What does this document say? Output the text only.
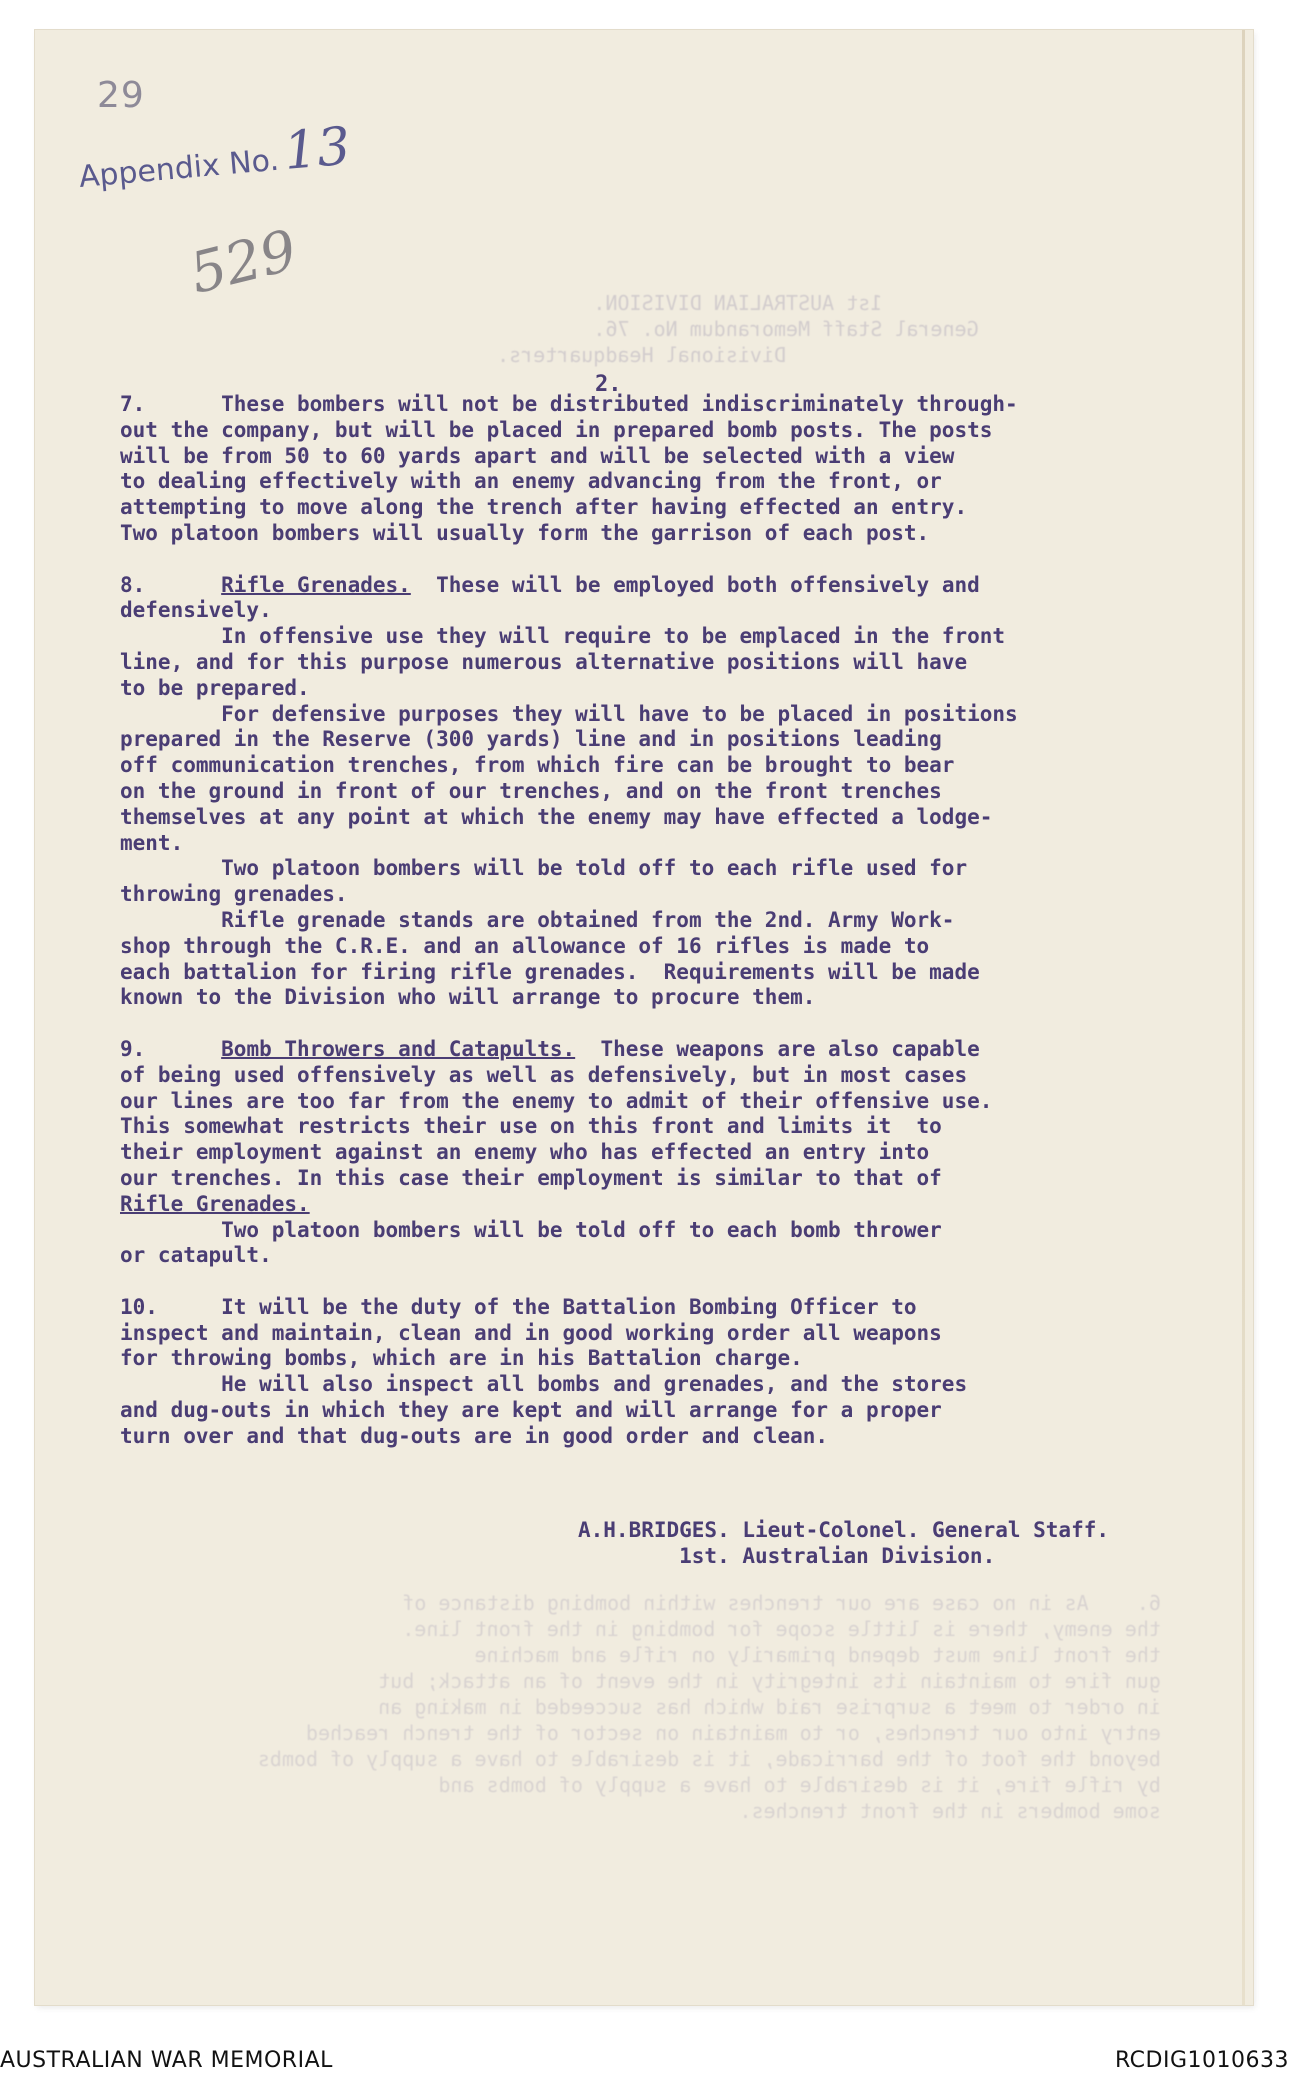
29
Appendix No.13
529	1st AUSTRALIAN DIVISION.
General Staff Memorandum No. 76.
Divisional Headquarters.
6.    As in no case are our trenches within bombing distance of
the enemy, there is little scope for bombing in the front line.
the front line must depend primarily on rifle and machine
gun fire to maintain its integrity in the event of an attack; but
in order to meet a surprise raid which has succeeded in making an
entry into our trenches, or to maintain on sector of the trench reached
beyond the foot of the barricade, it is desirable to have a supply of bombs
by rifle fire, it is desirable to have a supply of bombs and
some bombers in the front trenches.
2.
7.      These bombers will not be distributed indiscriminately through-
out the company, but will be placed in prepared bomb posts. The posts
will be from 50 to 60 yards apart and will be selected with a view
to dealing effectively with an enemy advancing from the front, or
attempting to move along the trench after having effected an entry.
Two platoon bombers will usually form the garrison of each post.
8.      Rifle Grenades.  These will be employed both offensively and
defensively.
In offensive use they will require to be emplaced in the front
line, and for this purpose numerous alternative positions will have
to be prepared.
For defensive purposes they will have to be placed in positions
prepared in the Reserve (300 yards) line and in positions leading
off communication trenches, from which fire can be brought to bear
on the ground in front of our trenches, and on the front trenches
themselves at any point at which the enemy may have effected a lodge-
ment.
Two platoon bombers will be told off to each rifle used for
throwing grenades.
Rifle grenade stands are obtained from the 2nd. Army Work-
shop through the C.R.E. and an allowance of 16 rifles is made to
each battalion for firing rifle grenades.  Requirements will be made
known to the Division who will arrange to procure them.
9.      Bomb Throwers and Catapults.  These weapons are also capable
of being used offensively as well as defensively, but in most cases
our lines are too far from the enemy to admit of their offensive use.
This somewhat restricts their use on this front and limits it  to
their employment against an enemy who has effected an entry into
our trenches. In this case their employment is similar to that of
Rifle Grenades.
Two platoon bombers will be told off to each bomb thrower
or catapult.
10.     It will be the duty of the Battalion Bombing Officer to
inspect and maintain, clean and in good working order all weapons
for throwing bombs, which are in his Battalion charge.
He will also inspect all bombs and grenades, and the stores
and dug-outs in which they are kept and will arrange for a proper
turn over and that dug-outs are in good order and clean.
A.H.BRIDGES. Lieut-Colonel. General Staff.
1st. Australian Division.
AUSTRALIAN WAR MEMORIAL	RCDIG1010633
